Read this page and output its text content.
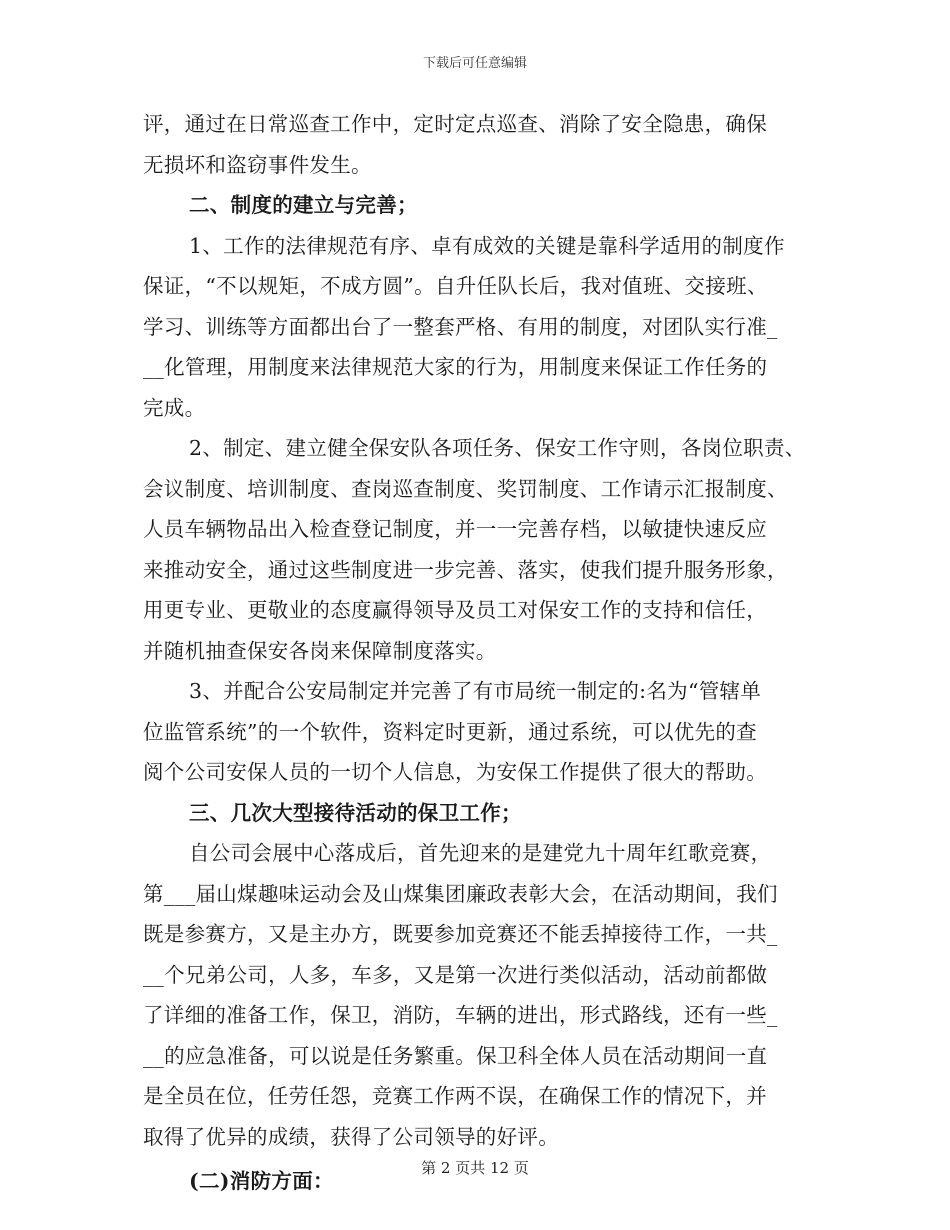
下载后可任意编辑
评，通过在日常巡查工作中，定时定点巡查、消除了安全隐患，确保
无损坏和盗窃事件发生。
二、制度的建立与完善；
1、工作的法律规范有序、卓有成效的关键是靠科学适用的制度作
保证，“不以规矩，不成方圆”。自升任队长后，我对值班、交接班、
学习、训练等方面都出台了一整套严格、有用的制度，对团队实行准_
__化管理，用制度来法律规范大家的行为，用制度来保证工作任务的
完成。
2、制定、建立健全保安队各项任务、保安工作守则，各岗位职责、
会议制度、培训制度、查岗巡查制度、奖罚制度、工作请示汇报制度、
人员车辆物品出入检查登记制度，并一一完善存档，以敏捷快速反应
来推动安全，通过这些制度进一步完善、落实，使我们提升服务形象，
用更专业、更敬业的态度赢得领导及员工对保安工作的支持和信任，
并随机抽查保安各岗来保障制度落实。
3、并配合公安局制定并完善了有市局统一制定的:名为“管辖单
位监管系统”的一个软件，资料定时更新，通过系统，可以优先的查
阅个公司安保人员的一切个人信息，为安保工作提供了很大的帮助。
三、几次大型接待活动的保卫工作；
自公司会展中心落成后，首先迎来的是建党九十周年红歌竞赛，
第___届山煤趣味运动会及山煤集团廉政表彰大会，在活动期间，我们
既是参赛方，又是主办方，既要参加竞赛还不能丢掉接待工作，一共_
__个兄弟公司，人多，车多，又是第一次进行类似活动，活动前都做
了详细的准备工作，保卫，消防，车辆的进出，形式路线，还有一些_
__的应急准备，可以说是任务繁重。保卫科全体人员在活动期间一直
是全员在位，任劳任怨，竞赛工作两不误，在确保工作的情况下，并
取得了优异的成绩，获得了公司领导的好评。
(二)消防方面：
第 2 页共 12 页
